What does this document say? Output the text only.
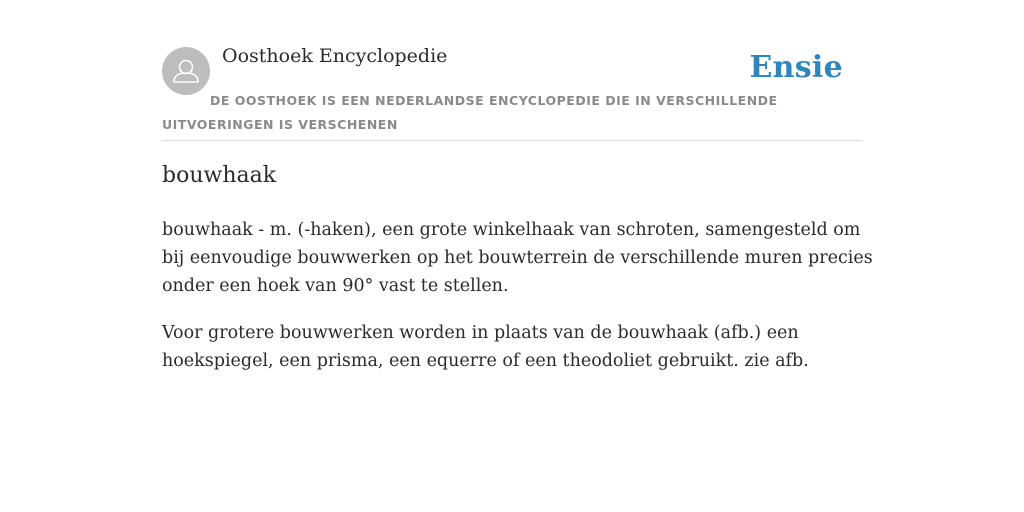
Oosthoek Encyclopedie	Ensie

DE OOSTHOEK IS EEN NEDERLANDSE ENCYCLOPEDIE DIE IN VERSCHILLENDE UITVOERINGEN IS VERSCHENEN

bouwhaak

bouwhaak - m. (-haken), een grote winkelhaak van schroten, samengesteld om bij eenvoudige bouwwerken op het bouwterrein de verschillende muren precies onder een hoek van 90° vast te stellen.

Voor grotere bouwwerken worden in plaats van de bouwhaak (afb.) een hoekspiegel, een prisma, een equerre of een theodoliet gebruikt. zie afb.
